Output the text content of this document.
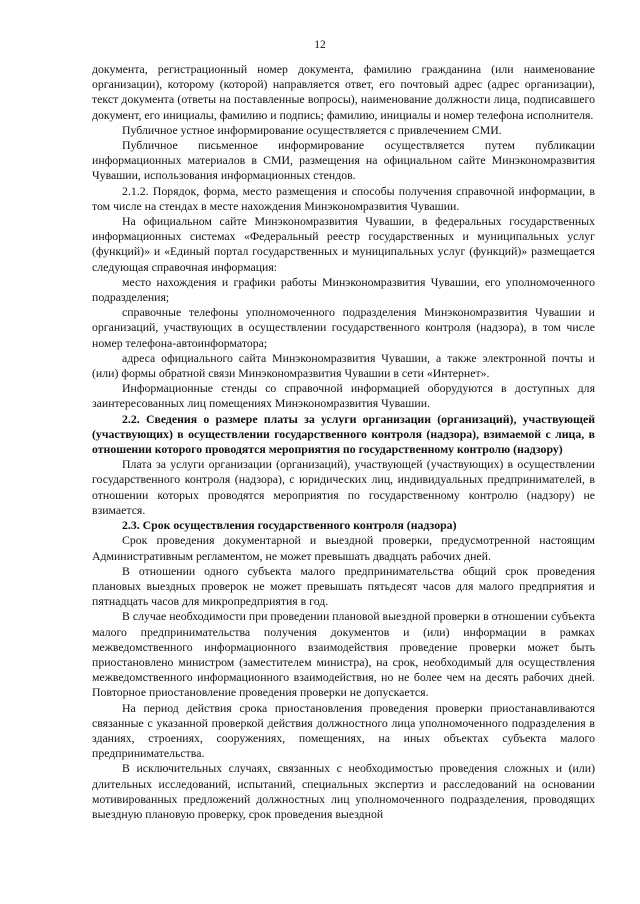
12

документа, регистрационный номер документа, фамилию гражданина (или наименование организации), которому (которой) направляется ответ, его почтовый адрес (адрес организации), текст документа (ответы на поставленные вопросы), наименование должности лица, подписавшего документ, его инициалы, фамилию и подпись; фамилию, инициалы и номер телефона исполнителя.

Публичное устное информирование осуществляется с привлечением СМИ.

Публичное письменное информирование осуществляется путем публикации информационных материалов в СМИ, размещения на официальном сайте Минэкономразвития Чувашии, использования информационных стендов.

2.1.2. Порядок, форма, место размещения и способы получения справочной информации, в том числе на стендах в месте нахождения Минэкономразвития Чувашии.

На официальном сайте Минэкономразвития Чувашии, в федеральных государственных информационных системах «Федеральный реестр государственных и муниципальных услуг (функций)» и «Единый портал государственных и муниципальных услуг (функций)» размещается следующая справочная информация:

место нахождения и графики работы Минэкономразвития Чувашии, его уполномоченного подразделения;

справочные телефоны уполномоченного подразделения Минэкономразвития Чувашии и организаций, участвующих в осуществлении государственного контроля (надзора), в том числе номер телефона-автоинформатора;

адреса официального сайта Минэкономразвития Чувашии, а также электронной почты и (или) формы обратной связи Минэкономразвития Чувашии в сети «Интернет».

Информационные стенды со справочной информацией оборудуются в доступных для заинтересованных лиц помещениях Минэкономразвития Чувашии.

2.2. Сведения о размере платы за услуги организации (организаций), участвующей (участвующих) в осуществлении государственного контроля (надзора), взимаемой с лица, в отношении которого проводятся мероприятия по государственному контролю (надзору)

Плата за услуги организации (организаций), участвующей (участвующих) в осуществлении государственного контроля (надзора), с юридических лиц, индивидуальных предпринимателей, в отношении которых проводятся мероприятия по государственному контролю (надзору) не взимается.

2.3. Срок осуществления государственного контроля (надзора)

Срок проведения документарной и выездной проверки, предусмотренной настоящим Административным регламентом, не может превышать двадцать рабочих дней.

В отношении одного субъекта малого предпринимательства общий срок проведения плановых выездных проверок не может превышать пятьдесят часов для малого предприятия и пятнадцать часов для микропредприятия в год.

В случае необходимости при проведении плановой выездной проверки в отношении субъекта малого предпринимательства получения документов и (или) информации в рамках межведомственного информационного взаимодействия проведение проверки может быть приостановлено министром (заместителем министра), на срок, необходимый для осуществления межведомственного информационного взаимодействия, но не более чем на десять рабочих дней. Повторное приостановление проведения проверки не допускается.

На период действия срока приостановления проведения проверки приостанавливаются связанные с указанной проверкой действия должностного лица уполномоченного подразделения в зданиях, строениях, сооружениях, помещениях, на иных объектах субъекта малого предпринимательства.

В исключительных случаях, связанных с необходимостью проведения сложных и (или) длительных исследований, испытаний, специальных экспертиз и расследований на основании мотивированных предложений должностных лиц уполномоченного подразделения, проводящих выездную плановую проверку, срок проведения выездной
